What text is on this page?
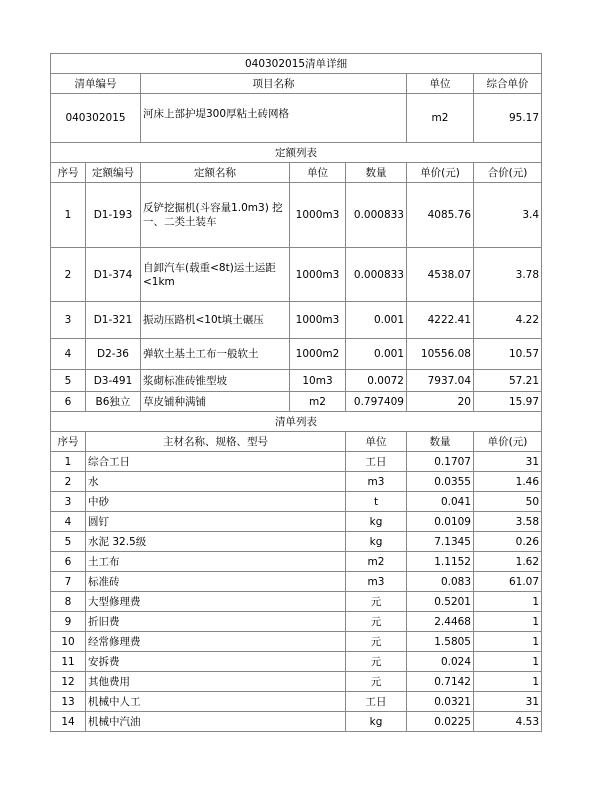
040302015清单详细							
清单编号		项目名称			单位	综合单价	
040302015		河床上部护堤300厚粘土砖网格			m2	95.17	
定额列表							
序号	定额编号	定额名称	单位	数量	单价(元)	合价(元)	
1	D1-193	反铲挖掘机(斗容量1.0m3) 挖一、二类土装车	1000m3	0.000833	4085.76	3.4	
2	D1-374	自卸汽车(载重<8t)运土运距<1km	1000m3	0.000833	4538.07	3.78	
3	D1-321	振动压路机<10t填土碾压	1000m3	0.001	4222.41	4.22	
4	D2-36	弹软土基土工布一般软土	1000m2	0.001	10556.08	10.57	
5	D3-491	浆砌标准砖锥型坡	10m3	0.0072	7937.04	57.21	
6	B6独立	草皮铺种满铺	m2	0.797409	20	15.97	
清单列表							
序号	主材名称、规格、型号			单位	数量	单价(元)	
1	综合工日			工日	0.1707	31	
2	水			m3	0.0355	1.46	
3	中砂			t	0.041	50	
4	圆钉			kg	0.0109	3.58	
5	水泥 32.5级			kg	7.1345	0.26	
6	土工布			m2	1.1152	1.62	
7	标准砖			m3	0.083	61.07	
8	大型修理费			元	0.5201	1	
9	折旧费			元	2.4468	1	
10	经常修理费			元	1.5805	1	
11	安拆费			元	0.024	1	
12	其他费用			元	0.7142	1	
13	机械中人工			工日	0.0321	31	
14	机械中汽油			kg	0.0225	4.53	
